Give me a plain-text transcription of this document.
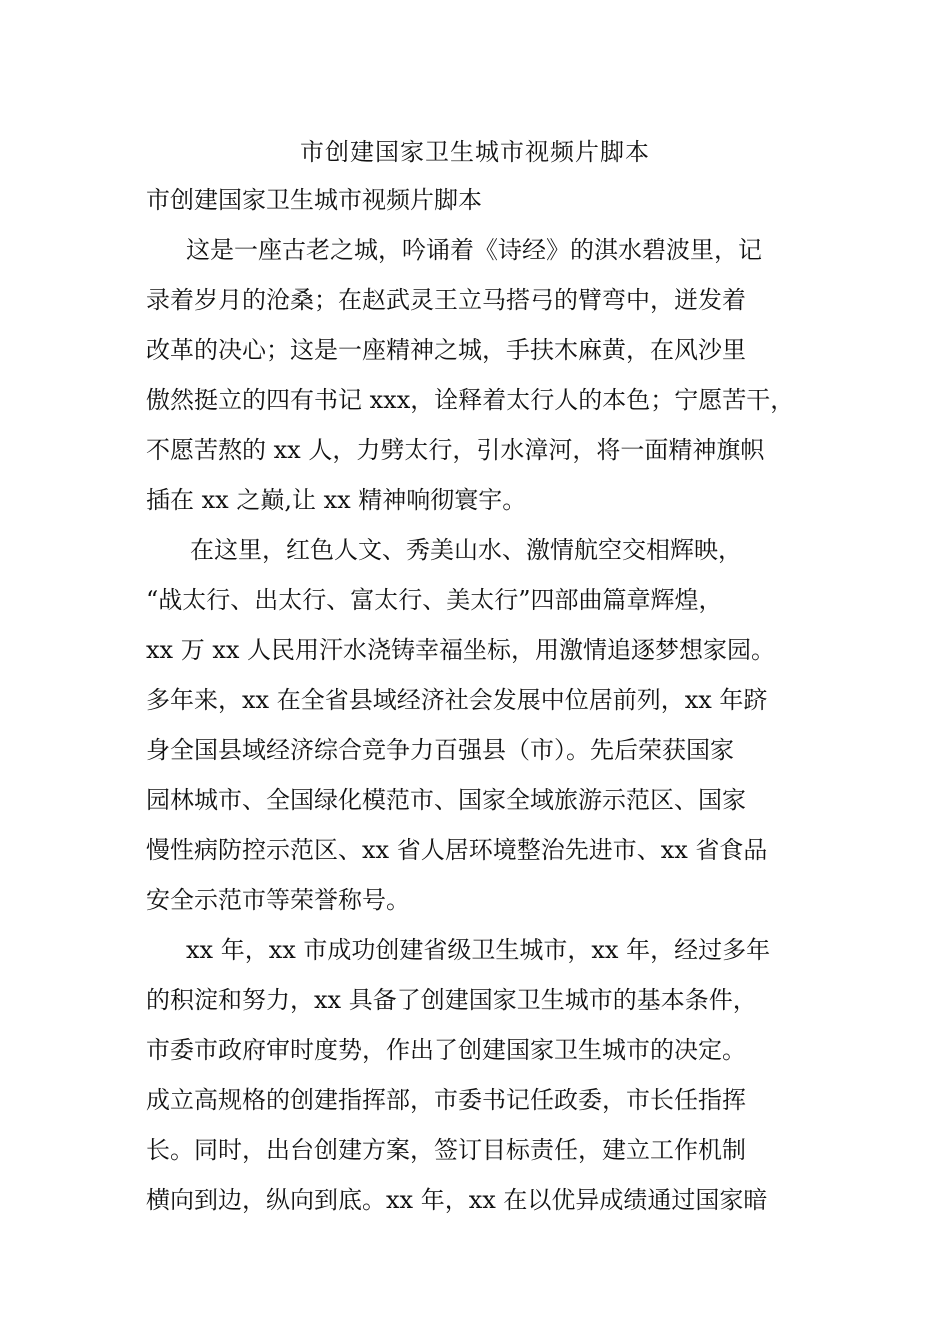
市创建国家卫生城市视频片脚本
市创建国家卫生城市视频片脚本
这是一座古老之城，吟诵着《诗经》的淇水碧波里，记
录着岁月的沧桑；在赵武灵王立马搭弓的臂弯中，迸发着
改革的决心；这是一座精神之城，手扶木麻黄，在风沙里
傲然挺立的四有书记 xxx，诠释着太行人的本色；宁愿苦干，
不愿苦熬的 xx 人，力劈太行，引水漳河，将一面精神旗帜
插在 xx 之巅,让 xx 精神响彻寰宇。
在这里，红色人文、秀美山水、激情航空交相辉映，
“战太行、出太行、富太行、美太行”四部曲篇章辉煌，
xx 万 xx 人民用汗水浇铸幸福坐标，用激情追逐梦想家园。
多年来，xx 在全省县域经济社会发展中位居前列，xx 年跻
身全国县域经济综合竞争力百强县（市）。先后荣获国家
园林城市、全国绿化模范市、国家全域旅游示范区、国家
慢性病防控示范区、xx 省人居环境整治先进市、xx 省食品
安全示范市等荣誉称号。
xx 年，xx 市成功创建省级卫生城市，xx 年，经过多年
的积淀和努力，xx 具备了创建国家卫生城市的基本条件，
市委市政府审时度势，作出了创建国家卫生城市的决定。
成立高规格的创建指挥部，市委书记任政委，市长任指挥
长。同时，出台创建方案，签订目标责任，建立工作机制
横向到边，纵向到底。xx 年，xx 在以优异成绩通过国家暗
